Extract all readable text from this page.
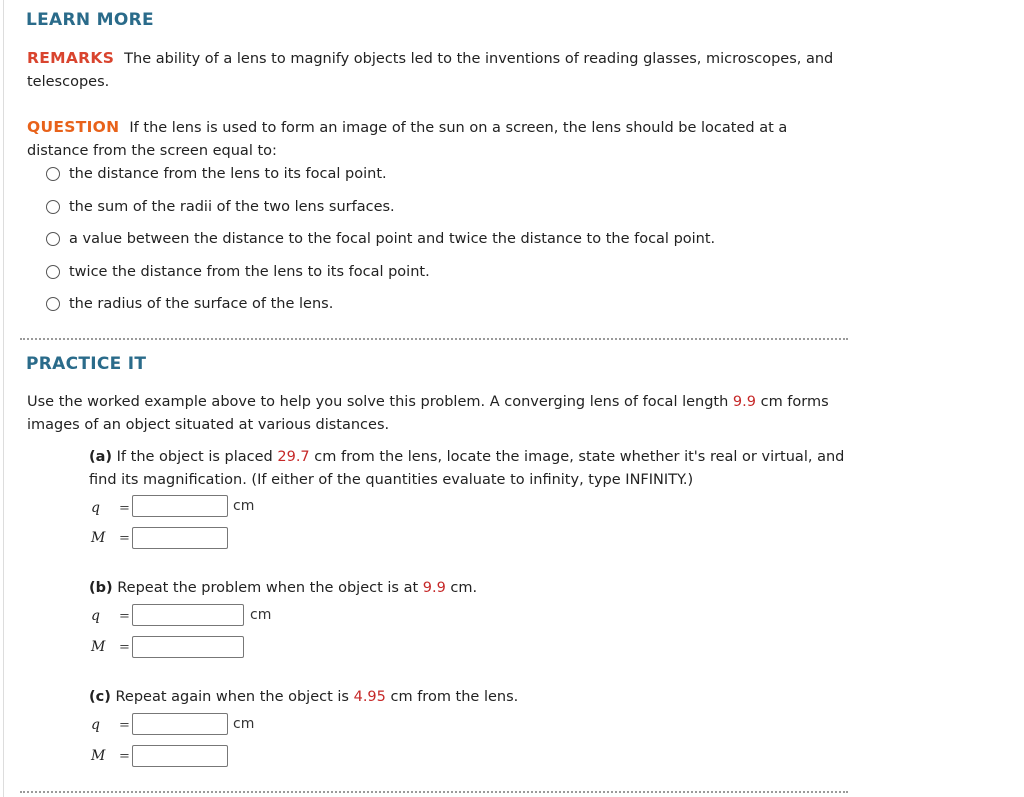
LEARN MORE
REMARKS The ability of a lens to magnify objects led to the inventions of reading glasses, microscopes, and telescopes.
QUESTION If the lens is used to form an image of the sun on a screen, the lens should be located at a distance from the screen equal to:
the distance from the lens to its focal point.
the sum of the radii of the two lens surfaces.
a value between the distance to the focal point and twice the distance to the focal point.
twice the distance from the lens to its focal point.
the radius of the surface of the lens.
PRACTICE IT
Use the worked example above to help you solve this problem. A converging lens of focal length 9.9 cm forms images of an object situated at various distances.
(a) If the object is placed 29.7 cm from the lens, locate the image, state whether it's real or virtual, and find its magnification. (If either of the quantities evaluate to infinity, type INFINITY.)
q	=	cm
M	=
(b) Repeat the problem when the object is at 9.9 cm.
q	=	cm
M	=
(c) Repeat again when the object is 4.95 cm from the lens.
q	=	cm
M	=
